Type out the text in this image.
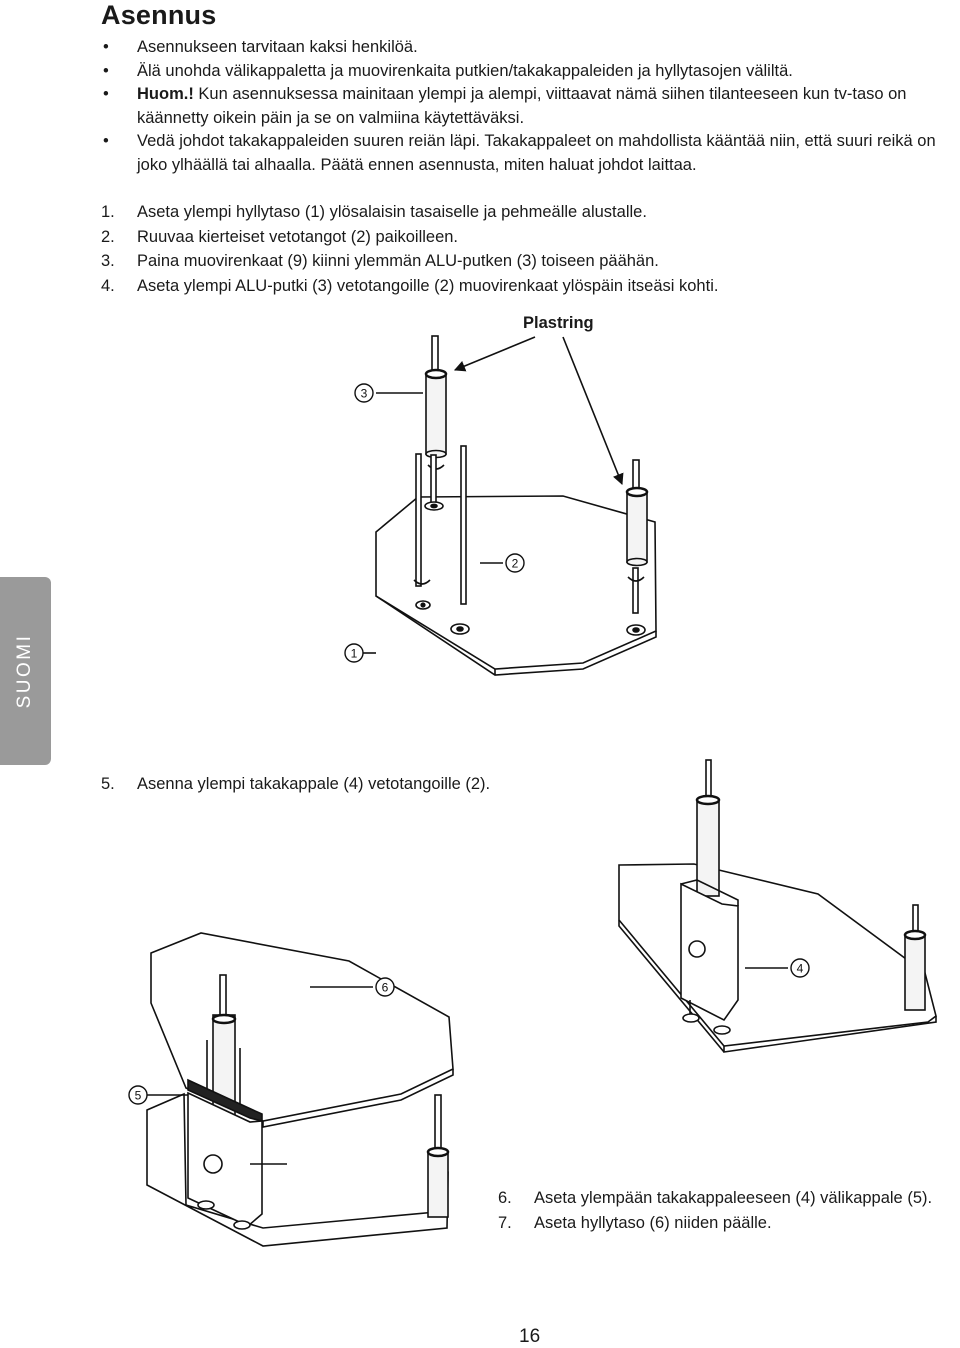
Asennus
• Asennukseen tarvitaan kaksi henkilöä.
• Älä unohda välikappaletta ja muovirenkaita putkien/takakappaleiden ja hyllytasojen väliltä.
• Huom.! Kun asennuksessa mainitaan ylempi ja alempi, viittaavat nämä siihen tilanteeseen kun tv-taso on käännetty oikein päin ja se on valmiina käytettäväksi.
• Vedä johdot takakappaleiden suuren reiän läpi. Takakappaleet on mahdollista kääntää niin, että suuri reikä on joko ylhäällä tai alhaalla. Päätä ennen asennusta, miten haluat johdot laittaa.
1. Aseta ylempi hyllytaso (1) ylösalaisin tasaiselle ja pehmeälle alustalle.
2. Ruuvaa kierteiset vetotangot (2) paikoilleen.
3. Paina muovirenkaat (9) kiinni ylemmän ALU-putken (3) toiseen päähän.
4. Aseta ylempi ALU-putki (3) vetotangoille (2) muovirenkaat ylöspäin itseäsi kohti.
Plastring
3
2
1
4
6
5
5. Asenna ylempi takakappale (4) vetotangoille (2).
6. Aseta ylempään takakappaleeseen (4) välikappale (5).
7. Aseta hyllytaso (6) niiden päälle.
SUOMI
16
